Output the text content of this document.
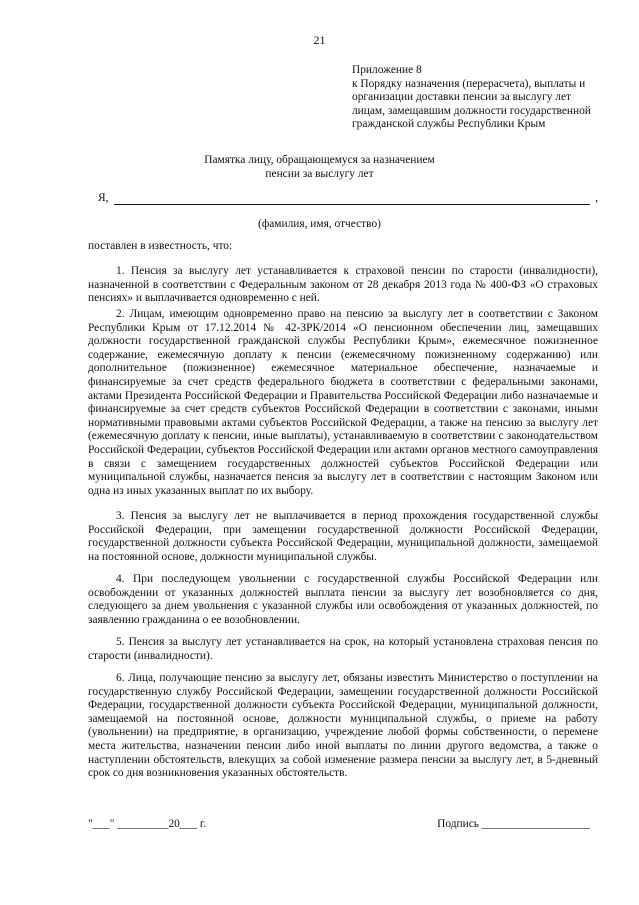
21
Приложение 8
к Порядку назначения (перерасчета), выплаты и
организации доставки пенсии за выслугу лет
лицам, замещавшим должности государственной
гражданской службы Республики Крым
Памятка лицу, обращающемуся за назначением
пенсии за выслугу лет
Я,	,
(фамилия, имя, отчество)
поставлен в известность, что:
1. Пенсия за выслугу лет устанавливается к страховой пенсии по старости (инвалидности), назначенной в соответствии с Федеральным законом от 28 декабря 2013 года № 400-ФЗ «О страховых пенсиях» и выплачивается одновременно с ней.
2. Лицам, имеющим одновременно право на пенсию за выслугу лет в соответствии с Законом Республики Крым от 17.12.2014 № 42-ЗРК/2014 «О пенсионном обеспечении лиц, замещавших должности государственной гражданской службы Республики Крым», ежемесячное пожизненное содержание, ежемесячную доплату к пенсии (ежемесячному пожизненному содержанию) или дополнительное (пожизненное) ежемесячное материальное обеспечение, назначаемые и финансируемые за счет средств федерального бюджета в соответствии с федеральными законами, актами Президента Российской Федерации и Правительства Российской Федерации либо назначаемые и финансируемые за счет средств субъектов Российской Федерации в соответствии с законами, иными нормативными правовыми актами субъектов Российской Федерации, а также на пенсию за выслугу лет (ежемесячную доплату к пенсии, иные выплаты), устанавливаемую в соответствии с законодательством Российской Федерации, субъектов Российской Федерации или актами органов местного самоуправления в связи с замещением государственных должностей субъектов Российской Федерации или муниципальной службы, назначается пенсия за выслугу лет в соответствии с настоящим Законом или одна из иных указанных выплат по их выбору.
3. Пенсия за выслугу лет не выплачивается в период прохождения государственной службы Российской Федерации, при замещении государственной должности Российской Федерации, государственной должности субъекта Российской Федерации, муниципальной должности, замещаемой на постоянной основе, должности муниципальной службы.
4. При последующем увольнении с государственной службы Российской Федерации или освобождении от указанных должностей выплата пенсии за выслугу лет возобновляется со дня, следующего за днем увольнения с указанной службы или освобождения от указанных должностей, по заявлению гражданина о ее возобновлении.
5. Пенсия за выслугу лет устанавливается на срок, на который установлена страховая пенсия по старости (инвалидности).
6. Лица, получающие пенсию за выслугу лет, обязаны известить Министерство о поступлении на государственную службу Российской Федерации, замещении государственной должности Российской Федерации, государственной должности субъекта Российской Федерации, муниципальной должности, замещаемой на постоянной основе, должности муниципальной службы, о приеме на работу (увольнении) на предприятие, в организацию, учреждение любой формы собственности, о перемене места жительства, назначении пенсии либо иной выплаты по линии другого ведомства, а также о наступлении обстоятельств, влекущих за собой изменение размера пенсии за выслугу лет, в 5-дневный срок со дня возникновения указанных обстоятельств.
"___" _________20___ г.	Подпись ___________________
